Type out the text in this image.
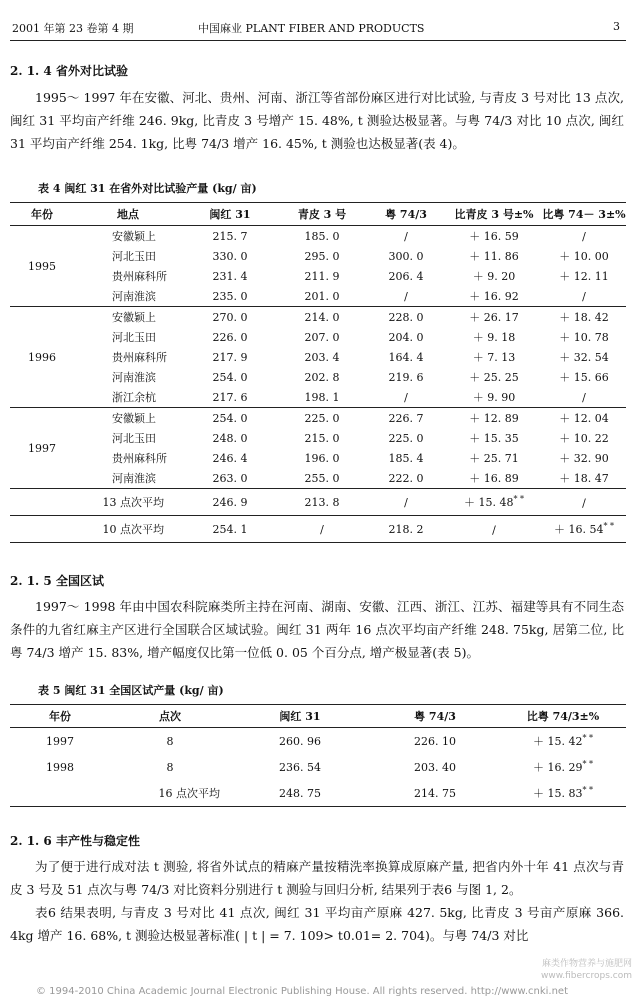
2001 年第 23 卷第 4 期	中国麻业 PLANT FIBER AND PRODUCTS	3
2. 1. 4 省外对比试验

1995～ 1997 年在安徽、河北、贵州、河南、浙江等省部份麻区进行对比试验, 与青皮 3 号对比 13 点次, 闽红 31 平均亩产纤维 246. 9kg, 比青皮 3 号增产 15. 48%, t 测验达极显著。与粤 74/3 对比 10 点次, 闽红 31 平均亩产纤维 254. 1kg, 比粤 74/3 增产 16. 45%, t 测验也达极显著(表 4)。

表 4 闽红 31 在省外对比试验产量 (kg/ 亩)
年份	地点	闽红 31	青皮 3 号	粤 74/3	比青皮 3 号±%	比粤 74－ 3±%
1995	安徽颖上	215. 7	185. 0	/	＋ 16. 59	/
	河北玉田	330. 0	295. 0	300. 0	＋ 11. 86	＋ 10. 00
	贵州麻科所	231. 4	211. 9	206. 4	＋ 9. 20	＋ 12. 11
	河南淮滨	235. 0	201. 0	/	＋ 16. 92	/
1996	安徽颖上	270. 0	214. 0	228. 0	＋ 26. 17	＋ 18. 42
	河北玉田	226. 0	207. 0	204. 0	＋ 9. 18	＋ 10. 78
	贵州麻科所	217. 9	203. 4	164. 4	＋ 7. 13	＋ 32. 54
	河南淮滨	254. 0	202. 8	219. 6	＋ 25. 25	＋ 15. 66
	浙江余杭	217. 6	198. 1	/	＋ 9. 90	/
1997	安徽颖上	254. 0	225. 0	226. 7	＋ 12. 89	＋ 12. 04
	河北玉田	248. 0	215. 0	225. 0	＋ 15. 35	＋ 10. 22
	贵州麻科所	246. 4	196. 0	185. 4	＋ 25. 71	＋ 32. 90
	河南淮滨	263. 0	255. 0	222. 0	＋ 16. 89	＋ 18. 47
13 点次平均		246. 9	213. 8	/	＋ 15. 48* *	/
10 点次平均		254. 1	/	218. 2	/	＋ 16. 54* *
2. 1. 5 全国区试

1997～ 1998 年由中国农科院麻类所主持在河南、湖南、安徽、江西、浙江、江苏、福建等具有不同生态条件的九省红麻主产区进行全国联合区域试验。闽红 31 两年 16 点次平均亩产纤维 248. 75kg, 居第二位, 比粤 74/3 增产 15. 83%, 增产幅度仅比第一位低 0. 05 个百分点, 增产极显著(表 5)。

表 5 闽红 31 全国区试产量 (kg/ 亩)
年份	点次	闽红 31	粤 74/3	比粤 74/3±%
1997	8	260. 96	226. 10	＋ 15. 42* *
1998	8	236. 54	203. 40	＋ 16. 29* *
16 点次平均		248. 75	214. 75	＋ 15. 83* *
2. 1. 6 丰产性与稳定性

为了便于进行成对法 t 测验, 将省外试点的精麻产量按精洗率换算成原麻产量, 把省内外十年 41 点次与青皮 3 号及 51 点次与粤 74/3 对比资料分别进行 t 测验与回归分析, 结果列于表6 与图 1, 2。

表6 结果表明, 与青皮 3 号对比 41 点次, 闽红 31 平均亩产原麻 427. 5kg, 比青皮 3 号亩产原麻 366. 4kg 增产 16. 68%, t 测验达极显著标准( | t | = 7. 109> t0.01= 2. 704)。与粤 74/3 对比

麻类作物营养与施肥网
www.fibercrops.com
© 1994-2010 China Academic Journal Electronic Publishing House. All rights reserved. http://www.cnki.net
